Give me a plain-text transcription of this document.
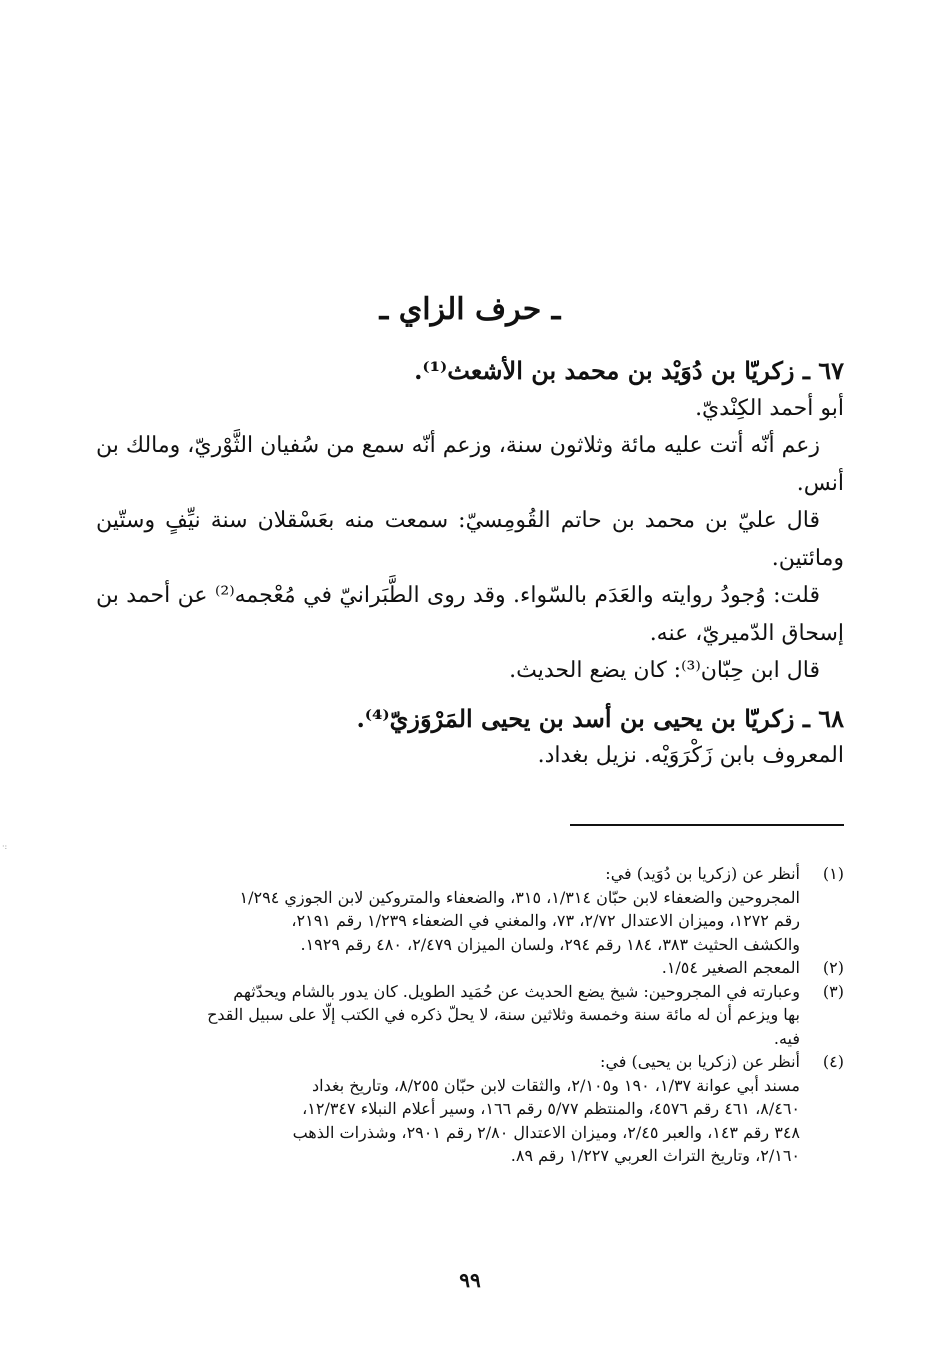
ـ حرف الزاي ـ

٦٧ ـ زكريّا بن دُوَيْد بن محمد بن الأشعث⁽¹⁾.

أبو أحمد الكِنْديّ.

زعم أنّه أتت عليه مائة وثلاثون سنة، وزعم أنّه سمع من سُفيان الثَّوْريّ، ومالك بن أنس.

قال عليّ بن محمد بن حاتم القُومِسيّ: سمعت منه بعَسْقلان سنة نيِّفٍ وستّين ومائتين.

قلت: وُجودُ روايته والعَدَم بالسّواء. وقد روى الطَّبَرانيّ في مُعْجمه⁽²⁾ عن أحمد بن إسحاق الدّميريّ، عنه.

قال ابن حِبّان⁽³⁾: كان يضع الحديث.

٦٨ ـ زكريّا بن يحيى بن أسد بن يحيى المَرْوَزيّ⁽⁴⁾.

المعروف بابن زَكْرَوَيْه. نزيل بغداد.

(١)
أنظر عن (زكريا بن دُوَيد) في:
المجروحين والضعفاء لابن حبّان ١/٣١٤، ٣١٥، والضعفاء والمتروكين لابن الجوزي ١/٢٩٤
رقم ١٢٧٢، وميزان الاعتدال ٢/٧٢، ٧٣، والمغني في الضعفاء ١/٢٣٩ رقم ٢١٩١،
والكشف الحثيث ٣٨٣، ١٨٤ رقم ٢٩٤، ولسان الميزان ٢/٤٧٩، ٤٨٠ رقم ١٩٢٩.
(٢)
المعجم الصغير ١/٥٤.
(٣)
وعبارته في المجروحين: شيخ يضع الحديث عن حُمَيد الطويل. كان يدور بالشام ويحدّثهم
بها ويزعم أن له مائة سنة وخمسة وثلاثين سنة، لا يحلّ ذكره في الكتب إلّا على سبيل القدح
فيه.
(٤)
أنظر عن (زكريا بن يحيى) في:
مسند أبي عوانة ١/٣٧، ١٩٠ و٢/١٠٥، والثقات لابن حبّان ٨/٢٥٥، وتاريخ بغداد
٨/٤٦٠، ٤٦١ رقم ٤٥٧٦، والمنتظم ٥/٧٧ رقم ١٦٦، وسير أعلام النبلاء ١٢/٣٤٧،
٣٤٨ رقم ١٤٣، والعبر ٢/٤٥، وميزان الاعتدال ٢/٨٠ رقم ٢٩٠١، وشذرات الذهب
٢/١٦٠، وتاريخ التراث العربي ١/٢٢٧ رقم ٨٩.
٩٩
·:
